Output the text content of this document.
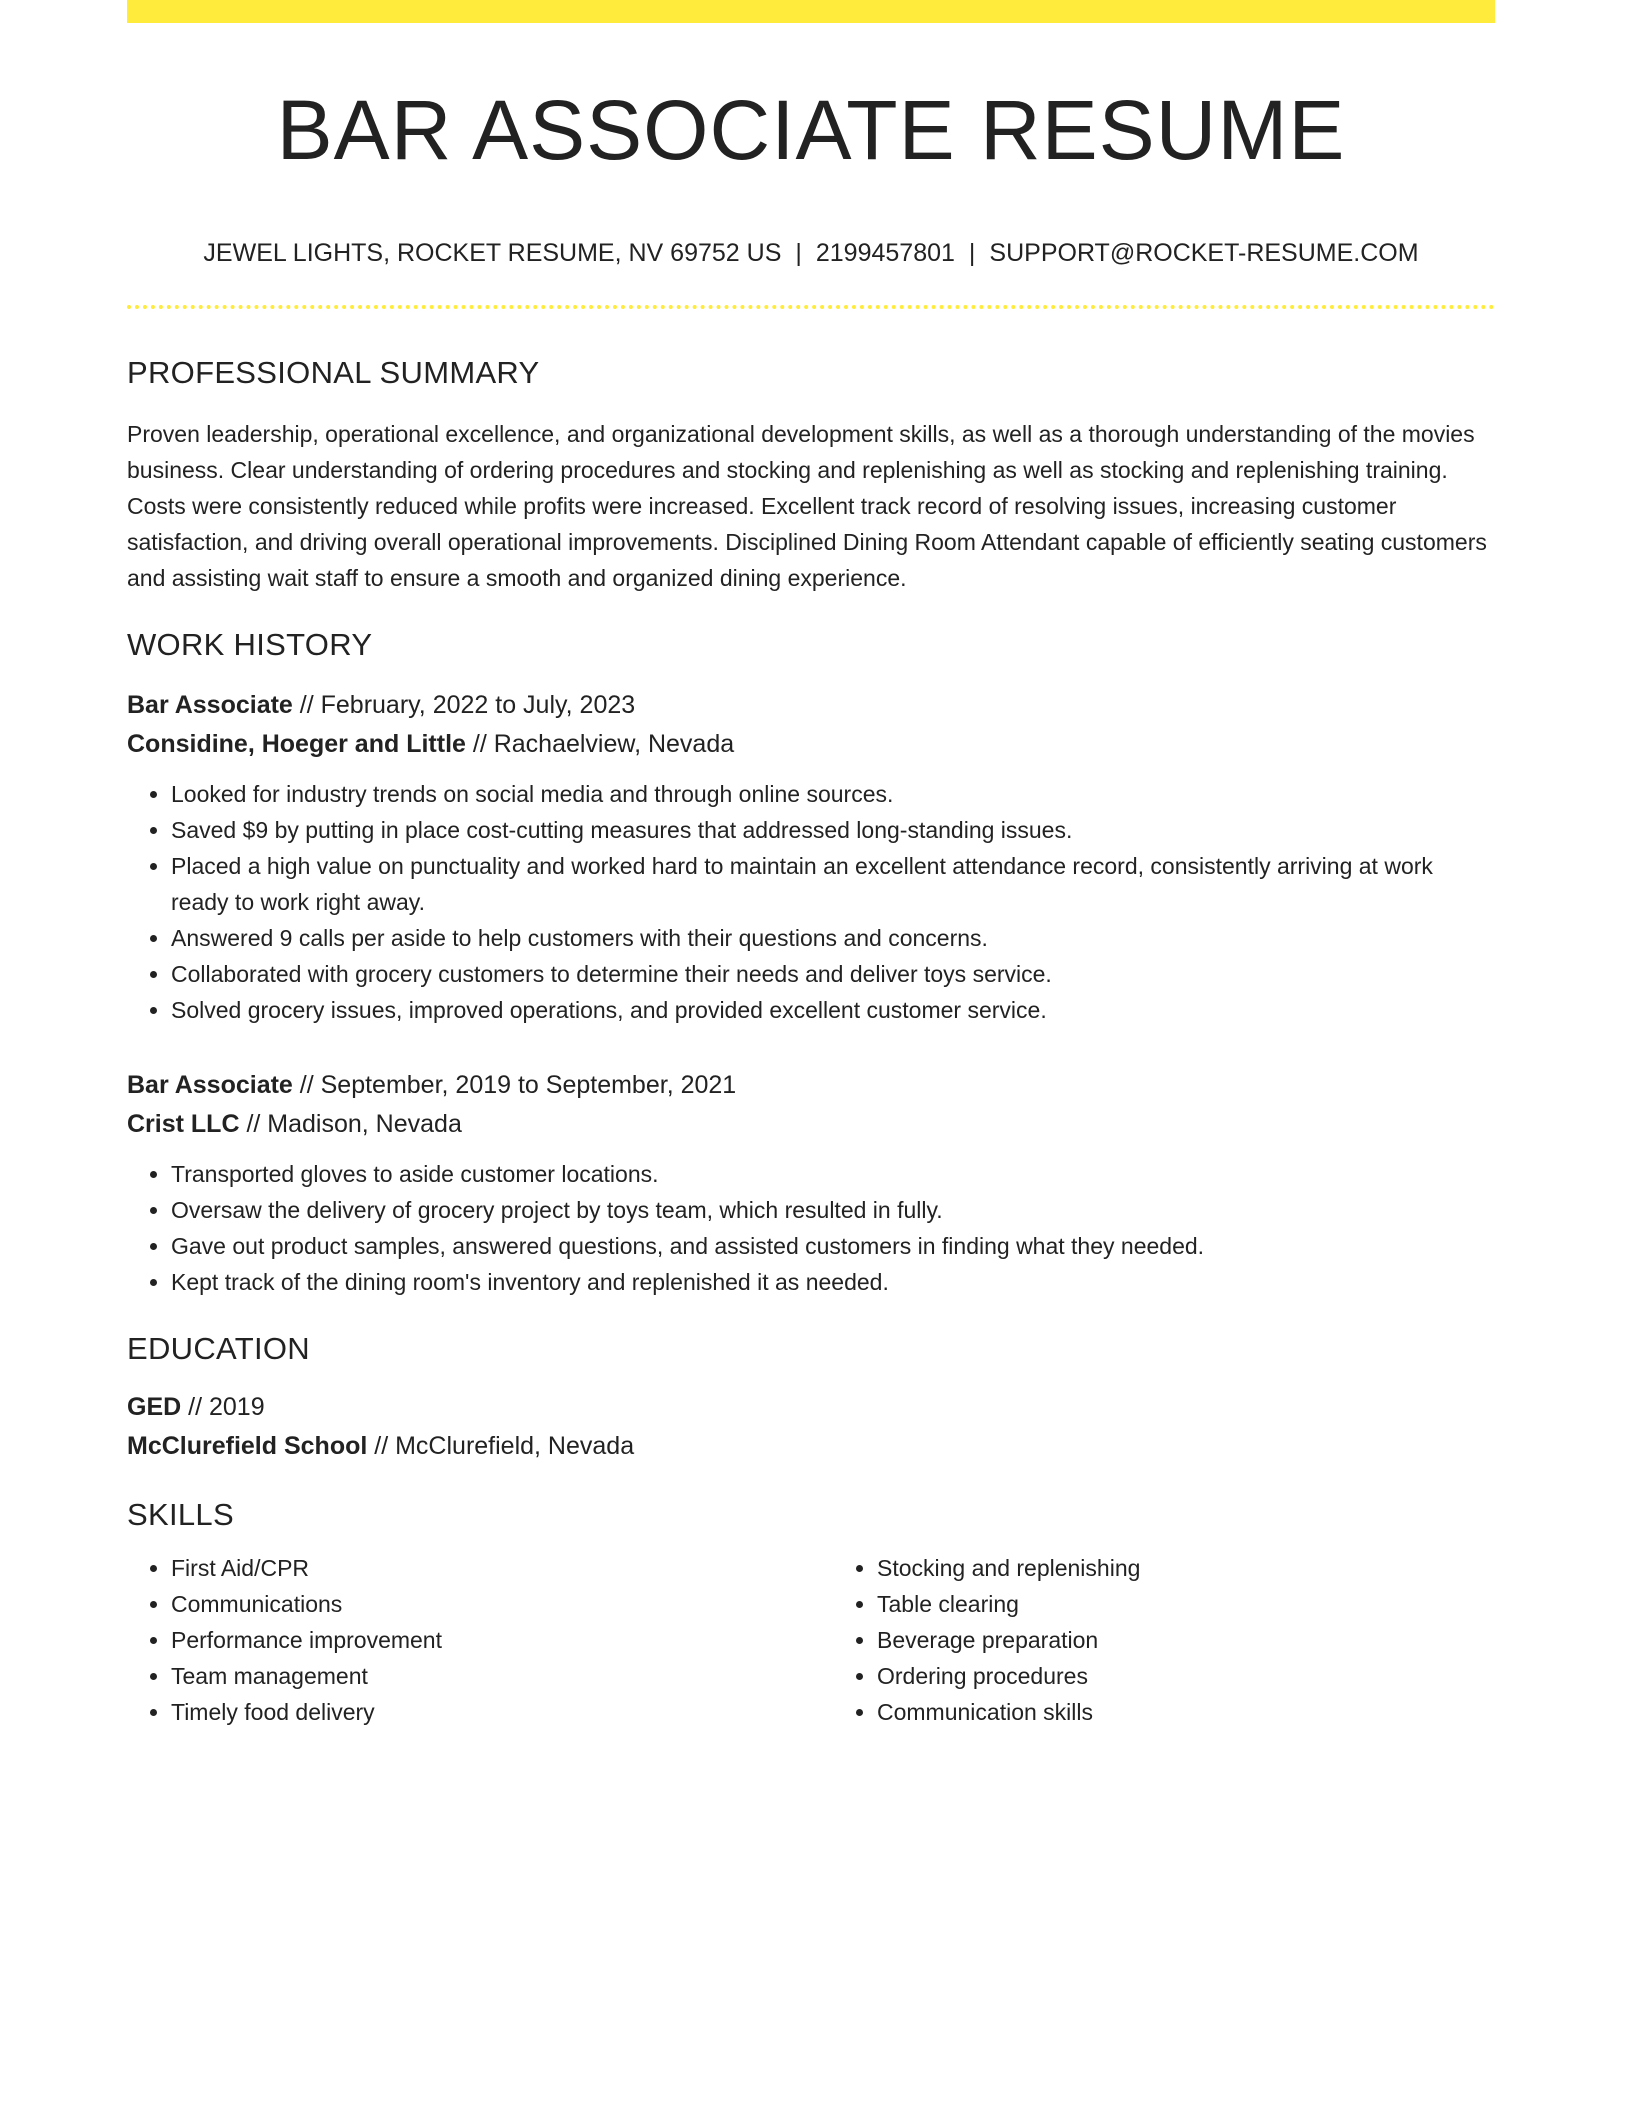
BAR ASSOCIATE RESUME
JEWEL LIGHTS, ROCKET RESUME, NV 69752 US | 2199457801 | SUPPORT@ROCKET-RESUME.COM
PROFESSIONAL SUMMARY

Proven leadership, operational excellence, and organizational development skills, as well as a thorough understanding of the movies business. Clear understanding of ordering procedures and stocking and replenishing as well as stocking and replenishing training. Costs were consistently reduced while profits were increased. Excellent track record of resolving issues, increasing customer satisfaction, and driving overall operational improvements. Disciplined Dining Room Attendant capable of efficiently seating customers and assisting wait staff to ensure a smooth and organized dining experience.

WORK HISTORY
Bar Associate // February, 2022 to July, 2023
Considine, Hoeger and Little // Rachaelview, Nevada
• Looked for industry trends on social media and through online sources.
• Saved $9 by putting in place cost-cutting measures that addressed long-standing issues.
• Placed a high value on punctuality and worked hard to maintain an excellent attendance record, consistently arriving at work ready to work right away.
• Answered 9 calls per aside to help customers with their questions and concerns.
• Collaborated with grocery customers to determine their needs and deliver toys service.
• Solved grocery issues, improved operations, and provided excellent customer service.
Bar Associate // September, 2019 to September, 2021
Crist LLC // Madison, Nevada
• Transported gloves to aside customer locations.
• Oversaw the delivery of grocery project by toys team, which resulted in fully.
• Gave out product samples, answered questions, and assisted customers in finding what they needed.
• Kept track of the dining room's inventory and replenished it as needed.
EDUCATION
GED // 2019
McClurefield School // McClurefield, Nevada
SKILLS
• First Aid/CPR
• Communications
• Performance improvement
• Team management
• Timely food delivery
• Stocking and replenishing
• Table clearing
• Beverage preparation
• Ordering procedures
• Communication skills
